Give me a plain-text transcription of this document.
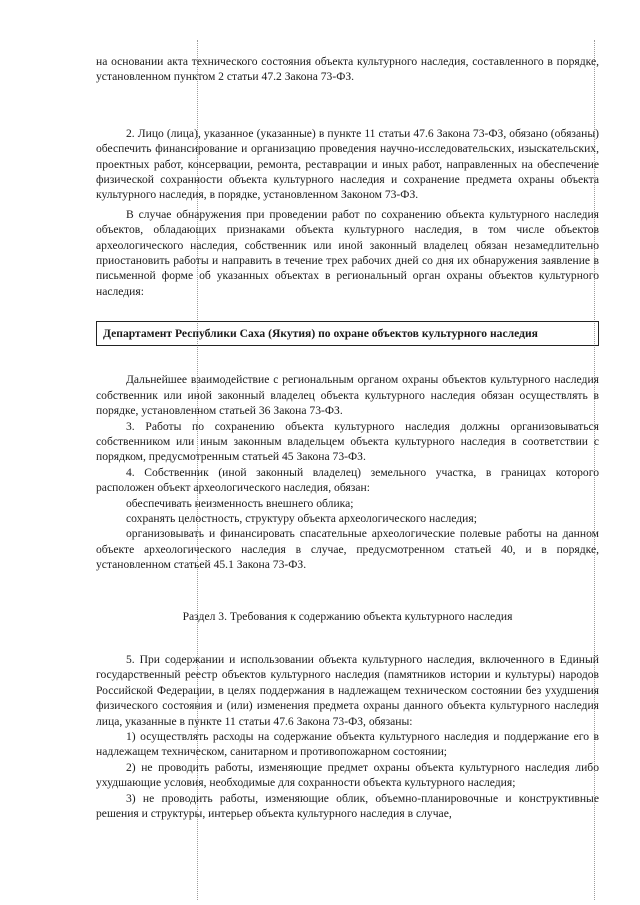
на основании акта технического состояния объекта культурного наследия, составленного в порядке, установленном пунктом 2 статьи 47.2 Закона 73-ФЗ.

2. Лицо (лица), указанное (указанные) в пункте 11 статьи 47.6 Закона 73-ФЗ, обязано (обязаны) обеспечить финансирование и организацию проведения научно-исследовательских, изыскательских, проектных работ, консервации, ремонта, реставрации и иных работ, направленных на обеспечение физической сохранности объекта культурного наследия и сохранение предмета охраны объекта культурного наследия, в порядке, установленном Законом 73-ФЗ.

В случае обнаружения при проведении работ по сохранению объекта культурного наследия объектов, обладающих признаками объекта культурного наследия, в том числе объектов археологического наследия, собственник или иной законный владелец обязан незамедлительно приостановить работы и направить в течение трех рабочих дней со дня их обнаружения заявление в письменной форме об указанных объектах в региональный орган охраны объектов культурного наследия:

Департамент Республики Саха (Якутия) по охране объектов культурного наследия

Дальнейшее взаимодействие с региональным органом охраны объектов культурного наследия собственник или иной законный владелец объекта культурного наследия обязан осуществлять в порядке, установленном статьей 36 Закона 73-ФЗ.

3. Работы по сохранению объекта культурного наследия должны организовываться собственником или иным законным владельцем объекта культурного наследия в соответствии с порядком, предусмотренным статьей 45 Закона 73-ФЗ.

4. Собственник (иной законный владелец) земельного участка, в границах которого расположен объект археологического наследия, обязан:

обеспечивать неизменность внешнего облика;

сохранять целостность, структуру объекта археологического наследия;

организовывать и финансировать спасательные археологические полевые работы на данном объекте археологического наследия в случае, предусмотренном статьей 40, и в порядке, установленном статьей 45.1 Закона 73-ФЗ.

Раздел 3. Требования к содержанию объекта культурного наследия

5. При содержании и использовании объекта культурного наследия, включенного в Единый государственный реестр объектов культурного наследия (памятников истории и культуры) народов Российской Федерации, в целях поддержания в надлежащем техническом состоянии без ухудшения физического состояния и (или) изменения предмета охраны данного объекта культурного наследия лица, указанные в пункте 11 статьи 47.6 Закона 73-ФЗ, обязаны:

1) осуществлять расходы на содержание объекта культурного наследия и поддержание его в надлежащем техническом, санитарном и противопожарном состоянии;

2) не проводить работы, изменяющие предмет охраны объекта культурного наследия либо ухудшающие условия, необходимые для сохранности объекта культурного наследия;

3) не проводить работы, изменяющие облик, объемно-планировочные и конструктивные решения и структуры, интерьер объекта культурного наследия в случае,
